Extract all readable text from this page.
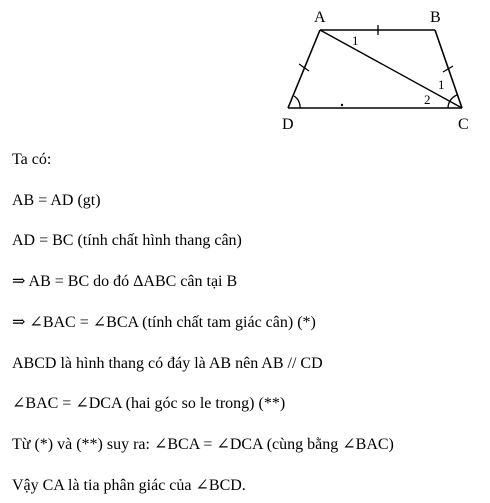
A	B
C
D
1
1
2
Ta có:
AB = AD (gt)
AD = BC (tính chất hình thang cân)
⇒ AB = BC do đó ΔABC cân tại B
⇒ ∠BAC = ∠BCA (tính chất tam giác cân) (*)
ABCD là hình thang có đáy là AB nên AB // CD
∠BAC = ∠DCA (hai góc so le trong) (**)
Từ (*) và (**) suy ra: ∠BCA = ∠DCA (cùng bằng ∠BAC)
Vậy CA là tia phân giác của ∠BCD.
